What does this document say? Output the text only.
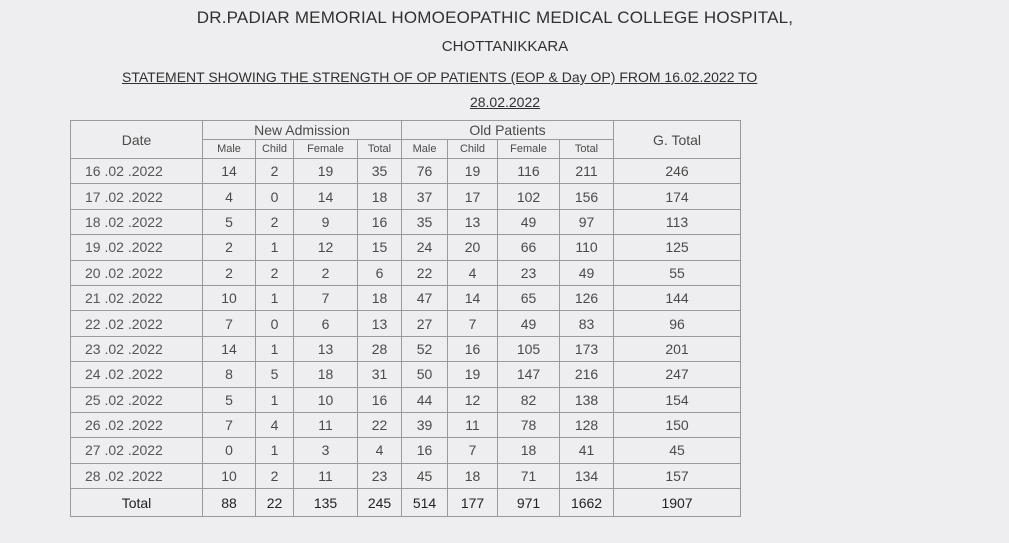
DR.PADIAR MEMORIAL HOMOEOPATHIC MEDICAL COLLEGE HOSPITAL,
CHOTTANIKKARA
STATEMENT SHOWING THE STRENGTH OF OP PATIENTS (EOP & Day OP) FROM 16.02.2022 TO
28.02.2022
Date	New Admission				Old Patients				G. Total
	Male	Child	Female	Total	Male	Child	Female	Total	
16 .02 .2022	14	2	19	35	76	19	116	211	246
17 .02 .2022	4	0	14	18	37	17	102	156	174
18 .02 .2022	5	2	9	16	35	13	49	97	113
19 .02 .2022	2	1	12	15	24	20	66	110	125
20 .02 .2022	2	2	2	6	22	4	23	49	55
21 .02 .2022	10	1	7	18	47	14	65	126	144
22 .02 .2022	7	0	6	13	27	7	49	83	96
23 .02 .2022	14	1	13	28	52	16	105	173	201
24 .02 .2022	8	5	18	31	50	19	147	216	247
25 .02 .2022	5	1	10	16	44	12	82	138	154
26 .02 .2022	7	4	11	22	39	11	78	128	150
27 .02 .2022	0	1	3	4	16	7	18	41	45
28 .02 .2022	10	2	11	23	45	18	71	134	157
Total	88	22	135	245	514	177	971	1662	1907
